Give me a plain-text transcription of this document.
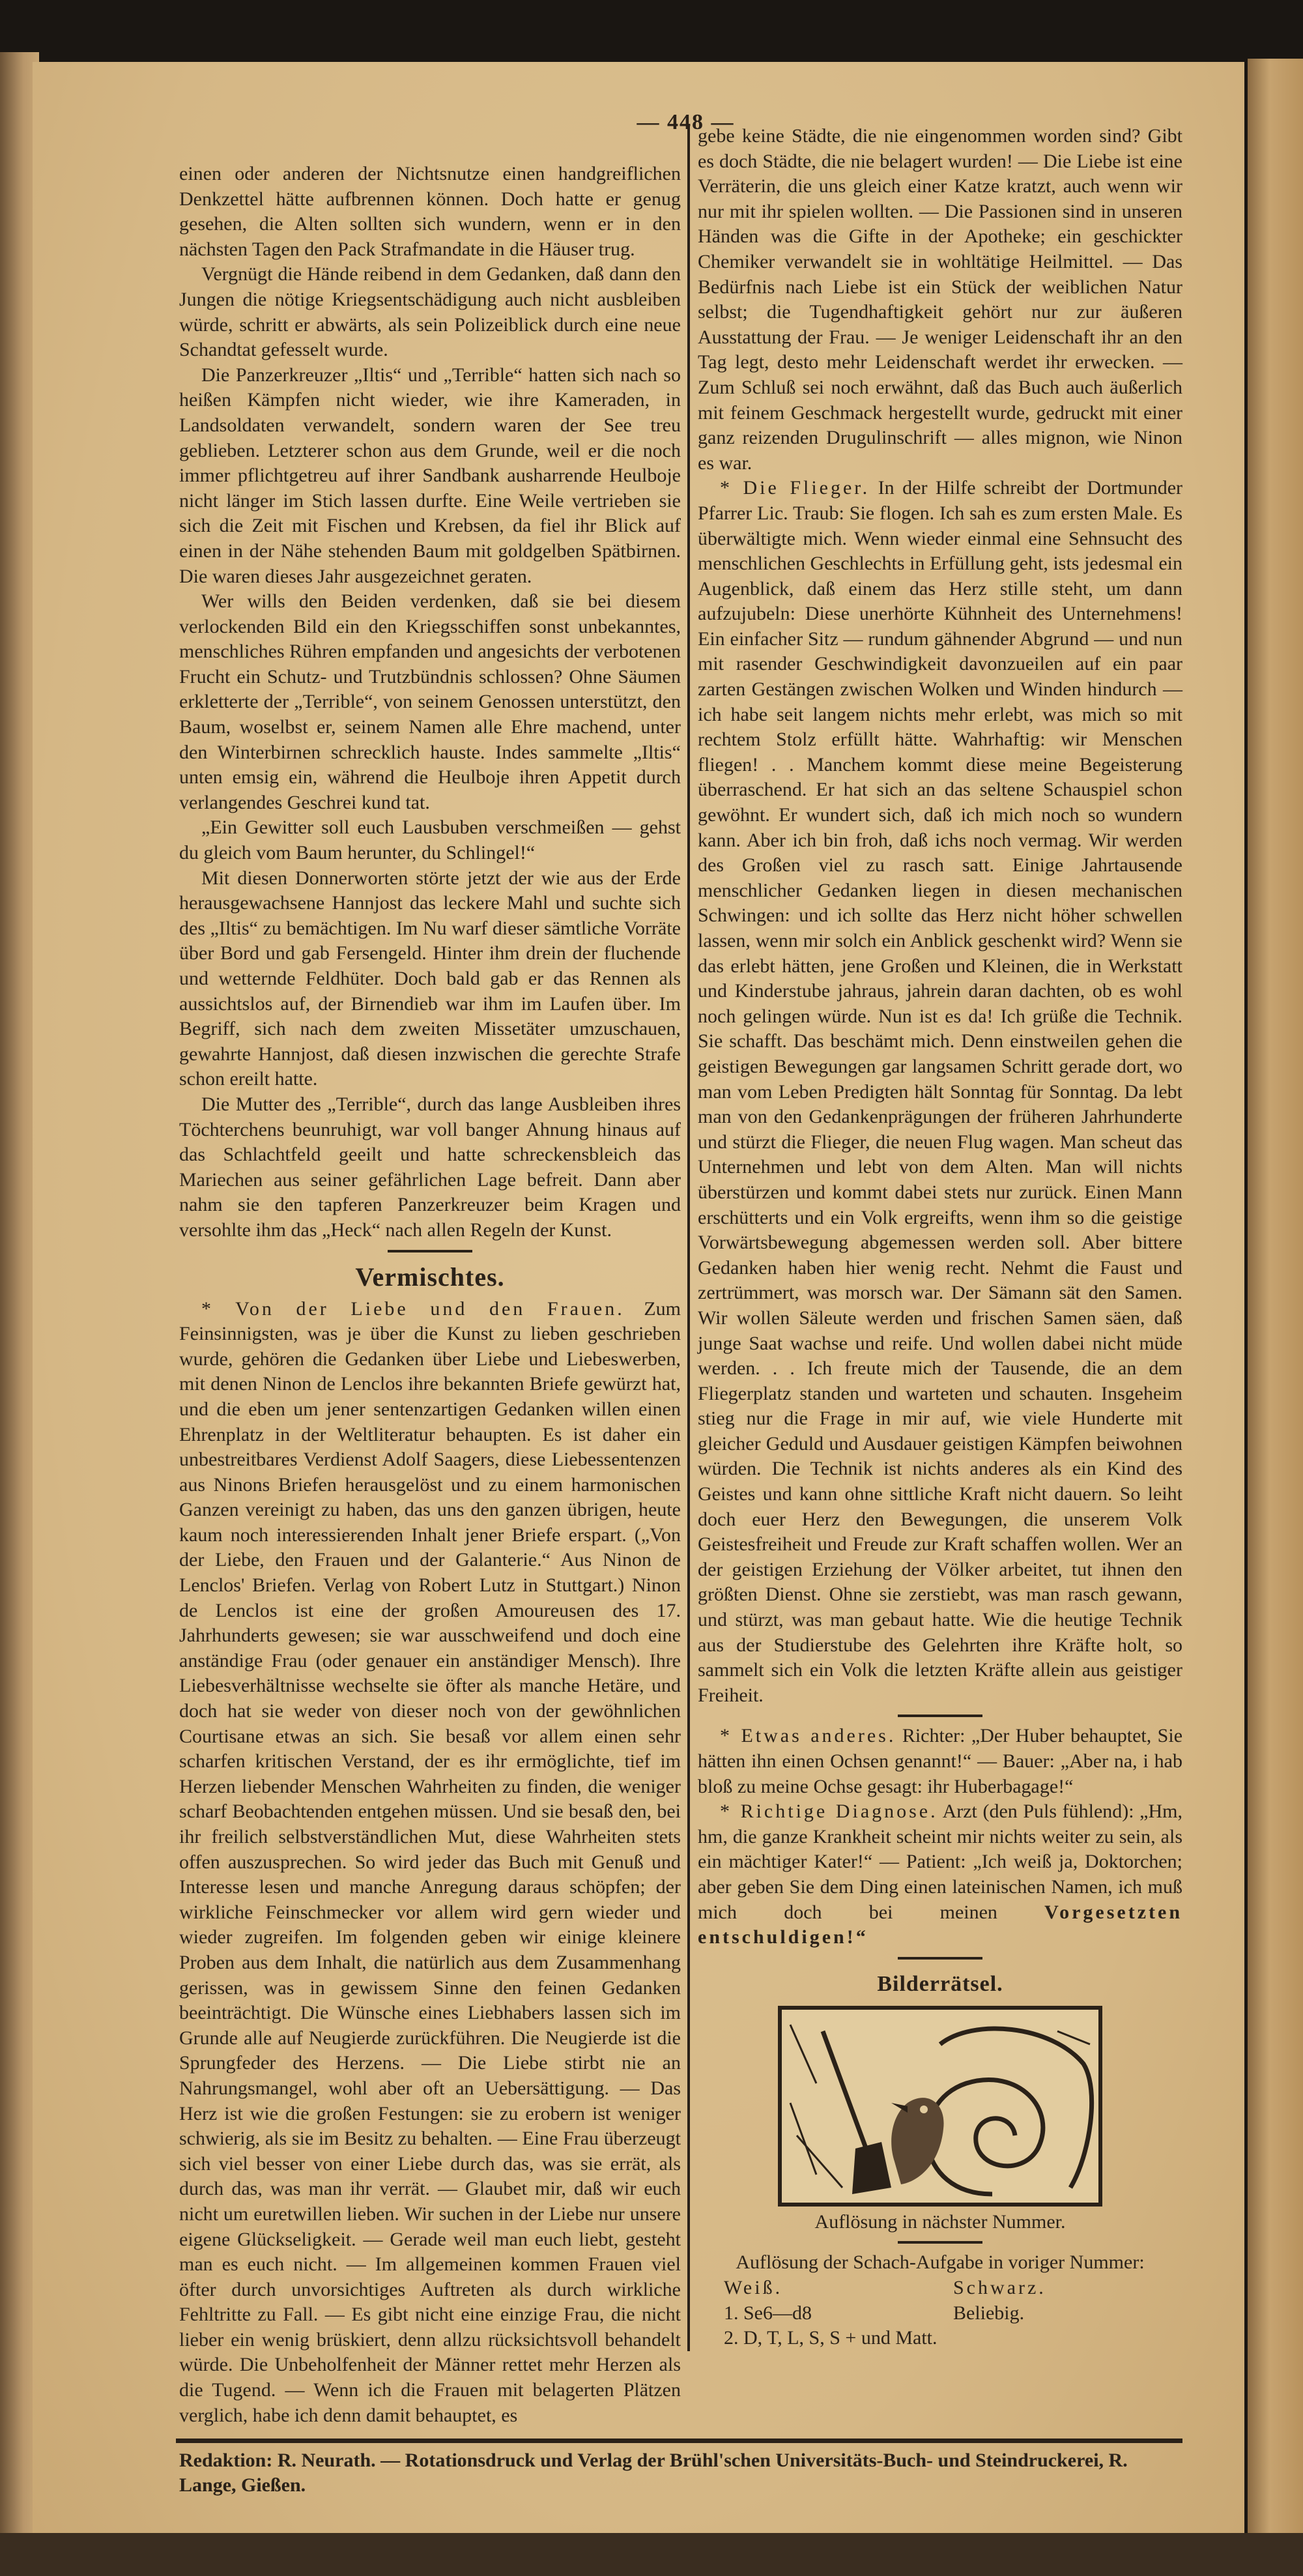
— 448 —

einen oder anderen der Nichtsnutze einen handgreiflichen Denkzettel hätte aufbrennen können. Doch hatte er genug gesehen, die Alten sollten sich wundern, wenn er in den nächsten Tagen den Pack Strafmandate in die Häuser trug.

Vergnügt die Hände reibend in dem Gedanken, daß dann den Jungen die nötige Kriegsentschädigung auch nicht ausbleiben würde, schritt er abwärts, als sein Polizeiblick durch eine neue Schandtat gefesselt wurde.

Die Panzerkreuzer „Iltis“ und „Terrible“ hatten sich nach so heißen Kämpfen nicht wieder, wie ihre Kameraden, in Landsoldaten verwandelt, sondern waren der See treu geblieben. Letzterer schon aus dem Grunde, weil er die noch immer pflichtgetreu auf ihrer Sandbank ausharrende Heulboje nicht länger im Stich lassen durfte. Eine Weile vertrieben sie sich die Zeit mit Fischen und Krebsen, da fiel ihr Blick auf einen in der Nähe stehenden Baum mit goldgelben Spätbirnen. Die waren dieses Jahr ausgezeichnet geraten.

Wer wills den Beiden verdenken, daß sie bei diesem verlockenden Bild ein den Kriegsschiffen sonst unbekanntes, menschliches Rühren empfanden und angesichts der verbotenen Frucht ein Schutz- und Trutzbündnis schlossen? Ohne Säumen erkletterte der „Terrible“, von seinem Genossen unterstützt, den Baum, woselbst er, seinem Namen alle Ehre machend, unter den Winterbirnen schrecklich hauste. Indes sammelte „Iltis“ unten emsig ein, während die Heulboje ihren Appetit durch verlangendes Geschrei kund tat.

„Ein Gewitter soll euch Lausbuben verschmeißen — gehst du gleich vom Baum herunter, du Schlingel!“

Mit diesen Donnerworten störte jetzt der wie aus der Erde herausgewachsene Hannjost das leckere Mahl und suchte sich des „Iltis“ zu bemächtigen. Im Nu warf dieser sämtliche Vorräte über Bord und gab Fersengeld. Hinter ihm drein der fluchende und wetternde Feldhüter. Doch bald gab er das Rennen als aussichtslos auf, der Birnendieb war ihm im Laufen über. Im Begriff, sich nach dem zweiten Missetäter umzuschauen, gewahrte Hannjost, daß diesen inzwischen die gerechte Strafe schon ereilt hatte.

Die Mutter des „Terrible“, durch das lange Ausbleiben ihres Töchterchens beunruhigt, war voll banger Ahnung hinaus auf das Schlachtfeld geeilt und hatte schreckensbleich das Mariechen aus seiner gefährlichen Lage befreit. Dann aber nahm sie den tapferen Panzerkreuzer beim Kragen und versohlte ihm das „Heck“ nach allen Regeln der Kunst.

Vermischtes.

* Von der Liebe und den Frauen. Zum Feinsinnigsten, was je über die Kunst zu lieben geschrieben wurde, gehören die Gedanken über Liebe und Liebeswerben, mit denen Ninon de Lenclos ihre bekannten Briefe gewürzt hat, und die eben um jener sentenzartigen Gedanken willen einen Ehrenplatz in der Weltliteratur behaupten. Es ist daher ein unbestreitbares Verdienst Adolf Saagers, diese Liebessentenzen aus Ninons Briefen herausgelöst und zu einem harmonischen Ganzen vereinigt zu haben, das uns den ganzen übrigen, heute kaum noch interessierenden Inhalt jener Briefe erspart. („Von der Liebe, den Frauen und der Galanterie.“ Aus Ninon de Lenclos' Briefen. Verlag von Robert Lutz in Stuttgart.) Ninon de Lenclos ist eine der großen Amoureusen des 17. Jahrhunderts gewesen; sie war ausschweifend und doch eine anständige Frau (oder genauer ein anständiger Mensch). Ihre Liebesverhältnisse wechselte sie öfter als manche Hetäre, und doch hat sie weder von dieser noch von der gewöhnlichen Courtisane etwas an sich. Sie besaß vor allem einen sehr scharfen kritischen Verstand, der es ihr ermöglichte, tief im Herzen liebender Menschen Wahrheiten zu finden, die weniger scharf Beobachtenden entgehen müssen. Und sie besaß den, bei ihr freilich selbstverständlichen Mut, diese Wahrheiten stets offen auszusprechen. So wird jeder das Buch mit Genuß und Interesse lesen und manche Anregung daraus schöpfen; der wirkliche Feinschmecker vor allem wird gern wieder und wieder zugreifen. Im folgenden geben wir einige kleinere Proben aus dem Inhalt, die natürlich aus dem Zusammenhang gerissen, was in gewissem Sinne den feinen Gedanken beeinträchtigt. Die Wünsche eines Liebhabers lassen sich im Grunde alle auf Neugierde zurückführen. Die Neugierde ist die Sprungfeder des Herzens. — Die Liebe stirbt nie an Nahrungsmangel, wohl aber oft an Uebersättigung. — Das Herz ist wie die großen Festungen: sie zu erobern ist weniger schwierig, als sie im Besitz zu behalten. — Eine Frau überzeugt sich viel besser von einer Liebe durch das, was sie errät, als durch das, was man ihr verrät. — Glaubet mir, daß wir euch nicht um euretwillen lieben. Wir suchen in der Liebe nur unsere eigene Glückseligkeit. — Gerade weil man euch liebt, gesteht man es euch nicht. — Im allgemeinen kommen Frauen viel öfter durch unvorsichtiges Auftreten als durch wirkliche Fehltritte zu Fall. — Es gibt nicht eine einzige Frau, die nicht lieber ein wenig brüskiert, denn allzu rücksichtsvoll behandelt würde. Die Unbeholfenheit der Männer rettet mehr Herzen als die Tugend. — Wenn ich die Frauen mit belagerten Plätzen verglich, habe ich denn damit behauptet, es

gebe keine Städte, die nie eingenommen worden sind? Gibt es doch Städte, die nie belagert wurden! — Die Liebe ist eine Verräterin, die uns gleich einer Katze kratzt, auch wenn wir nur mit ihr spielen wollten. — Die Passionen sind in unseren Händen was die Gifte in der Apotheke; ein geschickter Chemiker verwandelt sie in wohltätige Heilmittel. — Das Bedürfnis nach Liebe ist ein Stück der weiblichen Natur selbst; die Tugendhaftigkeit gehört nur zur äußeren Ausstattung der Frau. — Je weniger Leidenschaft ihr an den Tag legt, desto mehr Leidenschaft werdet ihr erwecken. — Zum Schluß sei noch erwähnt, daß das Buch auch äußerlich mit feinem Geschmack hergestellt wurde, gedruckt mit einer ganz reizenden Drugulinschrift — alles mignon, wie Ninon es war.

* Die Flieger. In der Hilfe schreibt der Dortmunder Pfarrer Lic. Traub: Sie flogen. Ich sah es zum ersten Male. Es überwältigte mich. Wenn wieder einmal eine Sehnsucht des menschlichen Geschlechts in Erfüllung geht, ists jedesmal ein Augenblick, daß einem das Herz stille steht, um dann aufzujubeln: Diese unerhörte Kühnheit des Unternehmens! Ein einfacher Sitz — rundum gähnender Abgrund — und nun mit rasender Geschwindigkeit davonzueilen auf ein paar zarten Gestängen zwischen Wolken und Winden hindurch — ich habe seit langem nichts mehr erlebt, was mich so mit rechtem Stolz erfüllt hätte. Wahrhaftig: wir Menschen fliegen! . . Manchem kommt diese meine Begeisterung überraschend. Er hat sich an das seltene Schauspiel schon gewöhnt. Er wundert sich, daß ich mich noch so wundern kann. Aber ich bin froh, daß ichs noch vermag. Wir werden des Großen viel zu rasch satt. Einige Jahrtausende menschlicher Gedanken liegen in diesen mechanischen Schwingen: und ich sollte das Herz nicht höher schwellen lassen, wenn mir solch ein Anblick geschenkt wird? Wenn sie das erlebt hätten, jene Großen und Kleinen, die in Werkstatt und Kinderstube jahraus, jahrein daran dachten, ob es wohl noch gelingen würde. Nun ist es da! Ich grüße die Technik. Sie schafft. Das beschämt mich. Denn einstweilen gehen die geistigen Bewegungen gar langsamen Schritt gerade dort, wo man vom Leben Predigten hält Sonntag für Sonntag. Da lebt man von den Gedankenprägungen der früheren Jahrhunderte und stürzt die Flieger, die neuen Flug wagen. Man scheut das Unternehmen und lebt von dem Alten. Man will nichts überstürzen und kommt dabei stets nur zurück. Einen Mann erschütterts und ein Volk ergreifts, wenn ihm so die geistige Vorwärtsbewegung abgemessen werden soll. Aber bittere Gedanken haben hier wenig recht. Nehmt die Faust und zertrümmert, was morsch war. Der Sämann sät den Samen. Wir wollen Säleute werden und frischen Samen säen, daß junge Saat wachse und reife. Und wollen dabei nicht müde werden. . . Ich freute mich der Tausende, die an dem Fliegerplatz standen und warteten und schauten. Insgeheim stieg nur die Frage in mir auf, wie viele Hunderte mit gleicher Geduld und Ausdauer geistigen Kämpfen beiwohnen würden. Die Technik ist nichts anderes als ein Kind des Geistes und kann ohne sittliche Kraft nicht dauern. So leiht doch euer Herz den Bewegungen, die unserem Volk Geistesfreiheit und Freude zur Kraft schaffen wollen. Wer an der geistigen Erziehung der Völker arbeitet, tut ihnen den größten Dienst. Ohne sie zerstiebt, was man rasch gewann, und stürzt, was man gebaut hatte. Wie die heutige Technik aus der Studierstube des Gelehrten ihre Kräfte holt, so sammelt sich ein Volk die letzten Kräfte allein aus geistiger Freiheit.

* Etwas anderes. Richter: „Der Huber behauptet, Sie hätten ihn einen Ochsen genannt!“ — Bauer: „Aber na, i hab bloß zu meine Ochse gesagt: ihr Huberbagage!“

* Richtige Diagnose. Arzt (den Puls fühlend): „Hm, hm, die ganze Krankheit scheint mir nichts weiter zu sein, als ein mächtiger Kater!“ — Patient: „Ich weiß ja, Doktorchen; aber geben Sie dem Ding einen lateinischen Namen, ich muß mich doch bei meinen Vorgesetzten entschuldigen!“

Bilderrätsel.

Auflösung in nächster Nummer.

Auflösung der Schach-Aufgabe in voriger Nummer:

Weiß.	Schwarz.
1. Se6—d8	Beliebig.
2. D, T, L, S, S + und Matt.
Redaktion: R. Neurath. — Rotationsdruck und Verlag der Brühl'schen Universitäts-Buch- und Steindruckerei, R. Lange, Gießen.
